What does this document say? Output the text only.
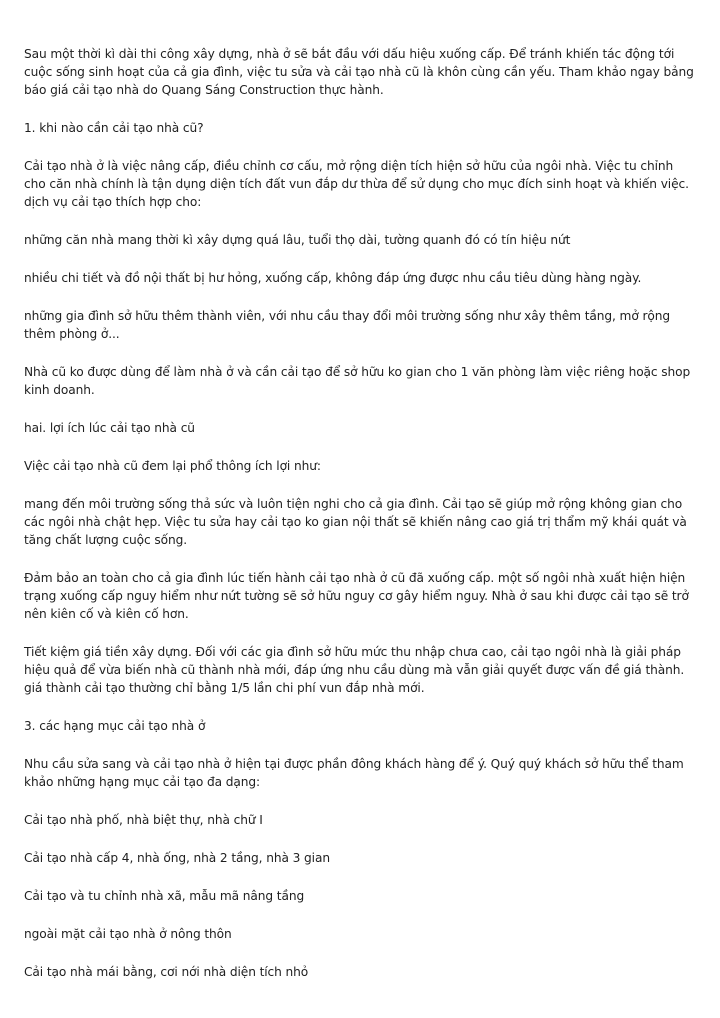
Sau một thời kì dài thi công xây dựng, nhà ở sẽ bắt đầu với dấu hiệu xuống cấp. Để tránh khiến tác động tới cuộc sống sinh hoạt của cả gia đình, việc tu sửa và cải tạo nhà cũ là khôn cùng cần yếu. Tham khảo ngay bảng báo giá cải tạo nhà do Quang Sáng Construction thực hành.

1. khi nào cần cải tạo nhà cũ?

Cải tạo nhà ở là việc nâng cấp, điều chỉnh cơ cấu, mở rộng diện tích hiện sở hữu của ngôi nhà. Việc tu chỉnh cho căn nhà chính là tận dụng diện tích đất vun đắp dư thừa để sử dụng cho mục đích sinh hoạt và khiến việc. dịch vụ cải tạo thích hợp cho:

những căn nhà mang thời kì xây dựng quá lâu, tuổi thọ dài, tường quanh đó có tín hiệu nứt

nhiều chi tiết và đồ nội thất bị hư hỏng, xuống cấp, không đáp ứng được nhu cầu tiêu dùng hàng ngày.

những gia đình sở hữu thêm thành viên, với nhu cầu thay đổi môi trường sống như xây thêm tầng, mở rộng thêm phòng ở...

Nhà cũ ko được dùng để làm nhà ở và cần cải tạo để sở hữu ko gian cho 1 văn phòng làm việc riêng hoặc shop kinh doanh.

hai. lợi ích lúc cải tạo nhà cũ

Việc cải tạo nhà cũ đem lại phổ thông ích lợi như:

mang đến môi trường sống thả sức và luôn tiện nghi cho cả gia đình. Cải tạo sẽ giúp mở rộng không gian cho các ngôi nhà chật hẹp. Việc tu sửa hay cải tạo ko gian nội thất sẽ khiến nâng cao giá trị thẩm mỹ khái quát và tăng chất lượng cuộc sống.

Đảm bảo an toàn cho cả gia đình lúc tiến hành cải tạo nhà ở cũ đã xuống cấp. một số ngôi nhà xuất hiện hiện trạng xuống cấp nguy hiểm như nứt tường sẽ sở hữu nguy cơ gây hiểm nguy. Nhà ở sau khi được cải tạo sẽ trở nên kiên cố và kiên cố hơn.

Tiết kiệm giá tiền xây dựng. Đối với các gia đình sở hữu mức thu nhập chưa cao, cải tạo ngôi nhà là giải pháp hiệu quả để vừa biến nhà cũ thành nhà mới, đáp ứng nhu cầu dùng mà vẫn giải quyết được vấn đề giá thành. giá thành cải tạo thường chỉ bằng 1/5 lần chi phí vun đắp nhà mới.

3. các hạng mục cải tạo nhà ở

Nhu cầu sửa sang và cải tạo nhà ở hiện tại được phần đông khách hàng để ý. Quý quý khách sở hữu thể tham khảo những hạng mục cải tạo đa dạng:

Cải tạo nhà phố, nhà biệt thự, nhà chữ I

Cải tạo nhà cấp 4, nhà ống, nhà 2 tầng, nhà 3 gian

Cải tạo và tu chỉnh nhà xã, mẫu mã nâng tầng

ngoài mặt cải tạo nhà ở nông thôn

Cải tạo nhà mái bằng, cơi nới nhà diện tích nhỏ
